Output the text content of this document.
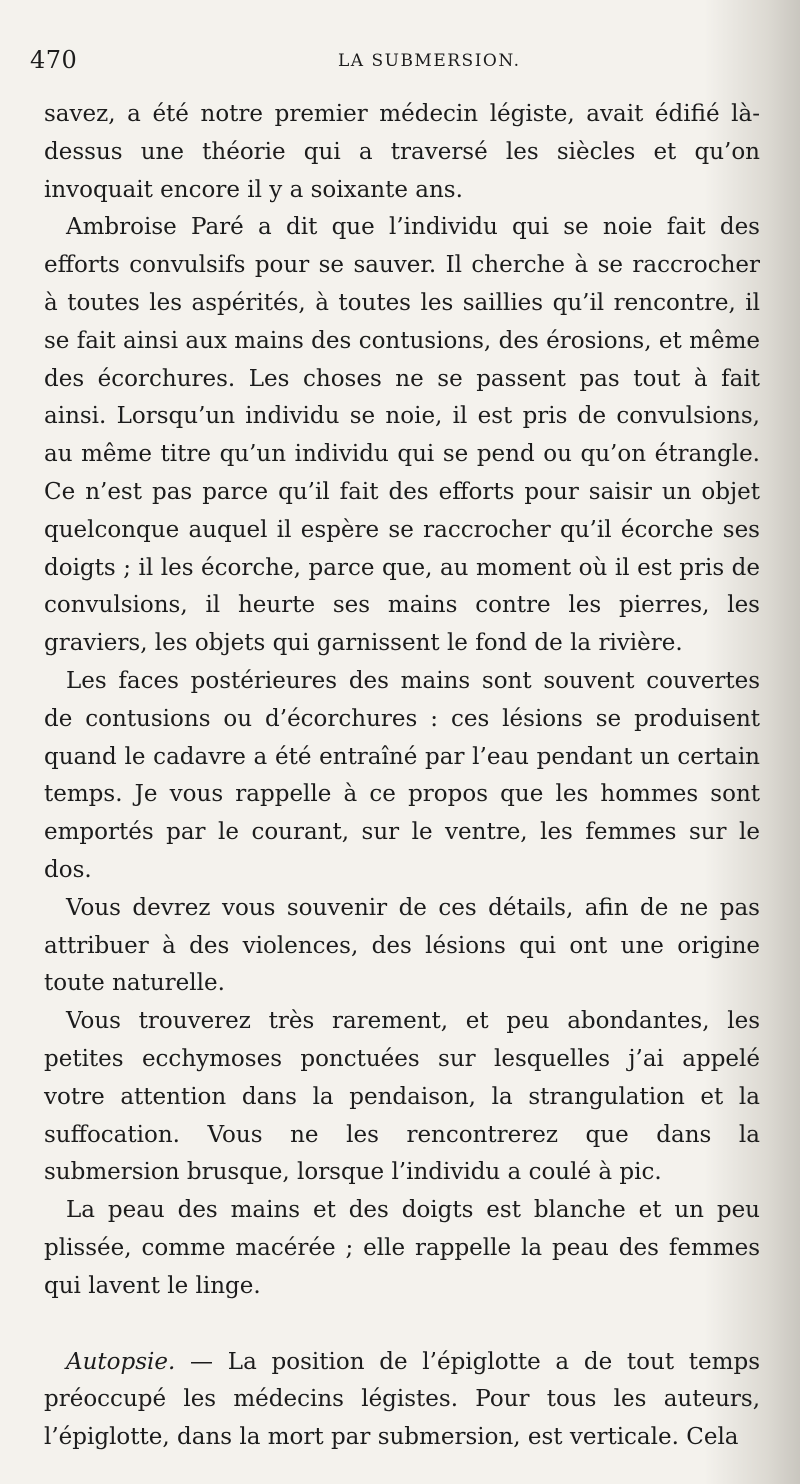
470	LA SUBMERSION.

savez, a été notre premier médecin légiste, avait édifié là-dessus une théorie qui a traversé les siècles et qu’on invoquait encore il y a soixante ans.

Ambroise Paré a dit que l’individu qui se noie fait des efforts convulsifs pour se sauver. Il cherche à se raccrocher à toutes les aspérités, à toutes les saillies qu’il rencontre, il se fait ainsi aux mains des contusions, des érosions, et même des écorchures. Les choses ne se passent pas tout à fait ainsi. Lorsqu’un individu se noie, il est pris de convulsions, au même titre qu’un individu qui se pend ou qu’on étrangle. Ce n’est pas parce qu’il fait des efforts pour saisir un objet quelconque auquel il espère se raccrocher qu’il écorche ses doigts ; il les écorche, parce que, au moment où il est pris de convulsions, il heurte ses mains contre les pierres, les graviers, les objets qui garnissent le fond de la rivière.

Les faces postérieures des mains sont souvent couvertes de contusions ou d’écorchures : ces lésions se produisent quand le cadavre a été entraîné par l’eau pendant un certain temps. Je vous rappelle à ce propos que les hommes sont emportés par le courant, sur le ventre, les femmes sur le dos.

Vous devrez vous souvenir de ces détails, afin de ne pas attribuer à des violences, des lésions qui ont une origine toute naturelle.

Vous trouverez très rarement, et peu abondantes, les petites ecchymoses ponctuées sur lesquelles j’ai appelé votre attention dans la pendaison, la strangulation et la suffocation. Vous ne les rencontrerez que dans la submersion brusque, lorsque l’individu a coulé à pic.

La peau des mains et des doigts est blanche et un peu plissée, comme macérée ; elle rappelle la peau des femmes qui lavent le linge.

Autopsie. — La position de l’épiglotte a de tout temps préoccupé les médecins légistes. Pour tous les auteurs, l’épiglotte, dans la mort par submersion, est verticale. Cela
